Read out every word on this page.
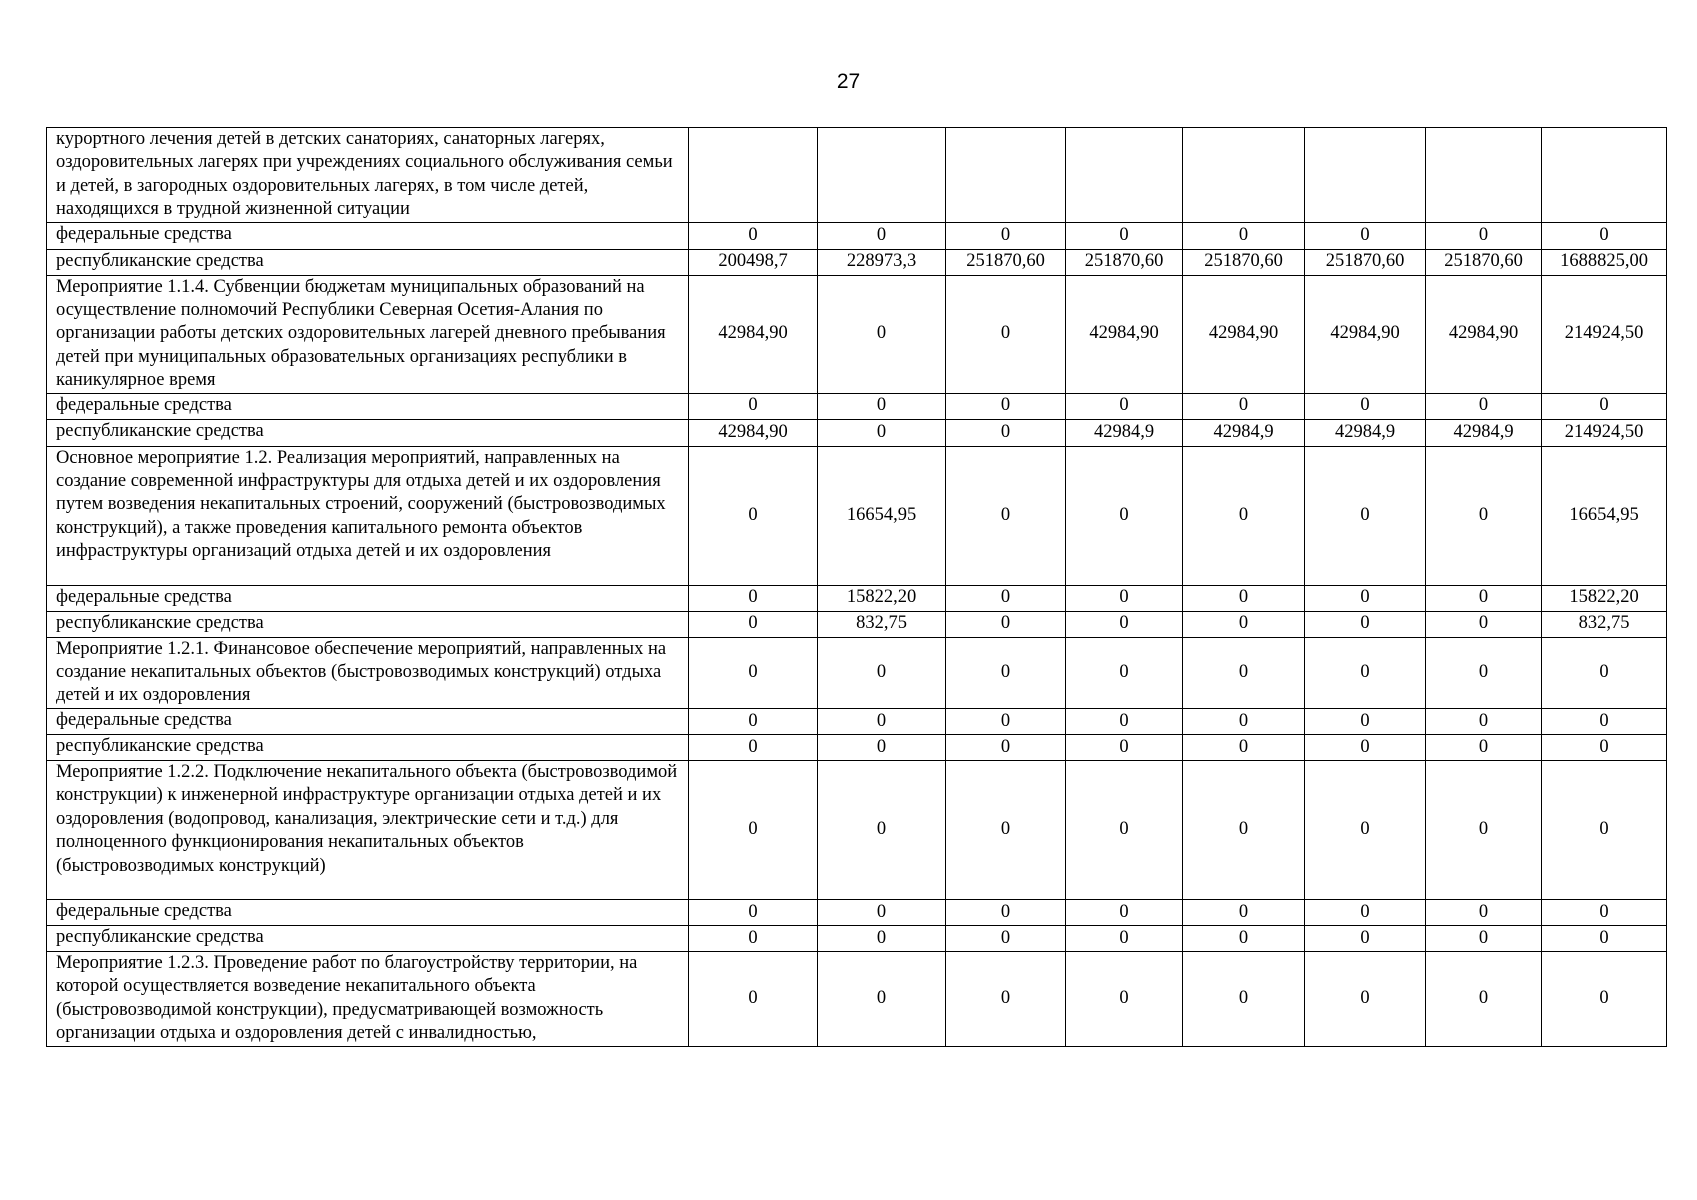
27
курортного лечения детей в детских санаториях, санаторных лагерях, оздоровительных лагерях при учреждениях социального обслуживания семьи и детей, в загородных оздоровительных лагерях, в том числе детей, находящихся в трудной жизненной ситуации								
федеральные средства	0	0	0	0	0	0	0	0
республиканские средства	200498,7	228973,3	251870,60	251870,60	251870,60	251870,60	251870,60	1688825,00
Мероприятие 1.1.4. Субвенции бюджетам муниципальных образований на осуществление полномочий Республики Северная Осетия-Алания по организации работы детских оздоровительных лагерей дневного пребывания детей при муниципальных образовательных организациях республики в каникулярное время	42984,90	0	0	42984,90	42984,90	42984,90	42984,90	214924,50
федеральные средства	0	0	0	0	0	0	0	0
республиканские средства	42984,90	0	0	42984,9	42984,9	42984,9	42984,9	214924,50
Основное мероприятие 1.2. Реализация мероприятий, направленных на создание современной инфраструктуры для отдыха детей и их оздоровления путем возведения некапитальных строений, сооружений (быстровозводимых конструкций), а также проведения капитального ремонта объектов инфраструктуры организаций отдыха детей и их оздоровления	0	16654,95	0	0	0	0	0	16654,95
федеральные средства	0	15822,20	0	0	0	0	0	15822,20
республиканские средства	0	832,75	0	0	0	0	0	832,75
Мероприятие 1.2.1. Финансовое обеспечение мероприятий, направленных на создание некапитальных объектов (быстровозводимых конструкций) отдыха детей и их оздоровления	0	0	0	0	0	0	0	0
федеральные средства	0	0	0	0	0	0	0	0
республиканские средства	0	0	0	0	0	0	0	0
Мероприятие 1.2.2. Подключение некапитального объекта (быстровозводимой конструкции) к инженерной инфраструктуре организации отдыха детей и их оздоровления (водопровод, канализация, электрические сети и т.д.) для полноценного функционирования некапитальных объектов (быстровозводимых конструкций)	0	0	0	0	0	0	0	0
федеральные средства	0	0	0	0	0	0	0	0
республиканские средства	0	0	0	0	0	0	0	0
Мероприятие 1.2.3. Проведение работ по благоустройству территории, на которой осуществляется возведение некапитального объекта (быстровозводимой конструкции), предусматривающей возможность организации отдыха и оздоровления детей с инвалидностью,	0	0	0	0	0	0	0	0
